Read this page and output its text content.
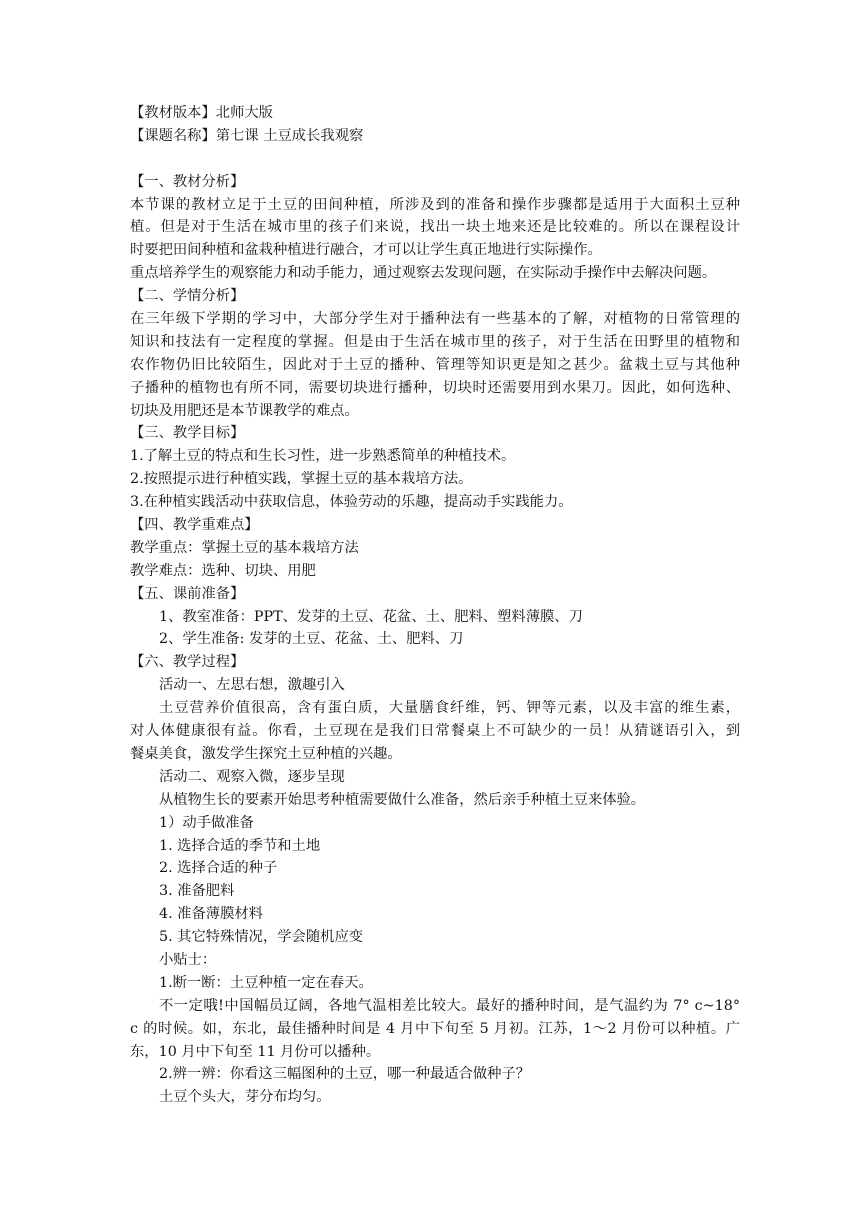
【教材版本】北师大版
【课题名称】第七课 土豆成长我观察
【一、教材分析】
本节课的教材立足于土豆的田间种植，所涉及到的准备和操作步骤都是适用于大面积土豆种
植。但是对于生活在城市里的孩子们来说，找出一块土地来还是比较难的。所以在课程设计
时要把田间种植和盆栽种植进行融合，才可以让学生真正地进行实际操作。
重点培养学生的观察能力和动手能力，通过观察去发现问题，在实际动手操作中去解决问题。
【二、学情分析】
在三年级下学期的学习中，大部分学生对于播种法有一些基本的了解，对植物的日常管理的
知识和技法有一定程度的掌握。但是由于生活在城市里的孩子，对于生活在田野里的植物和
农作物仍旧比较陌生，因此对于土豆的播种、管理等知识更是知之甚少。盆栽土豆与其他种
子播种的植物也有所不同，需要切块进行播种，切块时还需要用到水果刀。因此，如何选种、
切块及用肥还是本节课教学的难点。
【三、教学目标】
1.了解土豆的特点和生长习性，进一步熟悉简单的种植技术。
2.按照提示进行种植实践，掌握土豆的基本栽培方法。
3.在种植实践活动中获取信息，体验劳动的乐趣，提高动手实践能力。
【四、教学重难点】
教学重点：掌握土豆的基本栽培方法
教学难点：选种、切块、用肥
【五、课前准备】
1、教室准备：PPT、发芽的土豆、花盆、土、肥料、塑料薄膜、刀
2、学生准备: 发芽的土豆、花盆、土、肥料、刀
【六、教学过程】
活动一、左思右想，激趣引入
土豆营养价值很高，含有蛋白质，大量膳食纤维，钙、钾等元素，以及丰富的维生素，
对人体健康很有益。你看，土豆现在是我们日常餐桌上不可缺少的一员！从猜谜语引入，到
餐桌美食，激发学生探究土豆种植的兴趣。
活动二、观察入微，逐步呈现
从植物生长的要素开始思考种植需要做什么准备，然后亲手种植土豆来体验。
1）动手做准备
1. 选择合适的季节和土地
2. 选择合适的种子
3. 准备肥料
4. 准备薄膜材料
5. 其它特殊情况，学会随机应变
小贴士：
1.断一断：土豆种植一定在春天。
不一定哦!中国幅员辽阔，各地气温相差比较大。最好的播种时间，是气温约为 7° c~18°
c 的时候。如，东北，最佳播种时间是 4 月中下旬至 5 月初。江苏，1～2 月份可以种植。广
东，10 月中下旬至 11 月份可以播种。
2.辨一辨：你看这三幅图种的土豆，哪一种最适合做种子？
土豆个头大，芽分布均匀。
